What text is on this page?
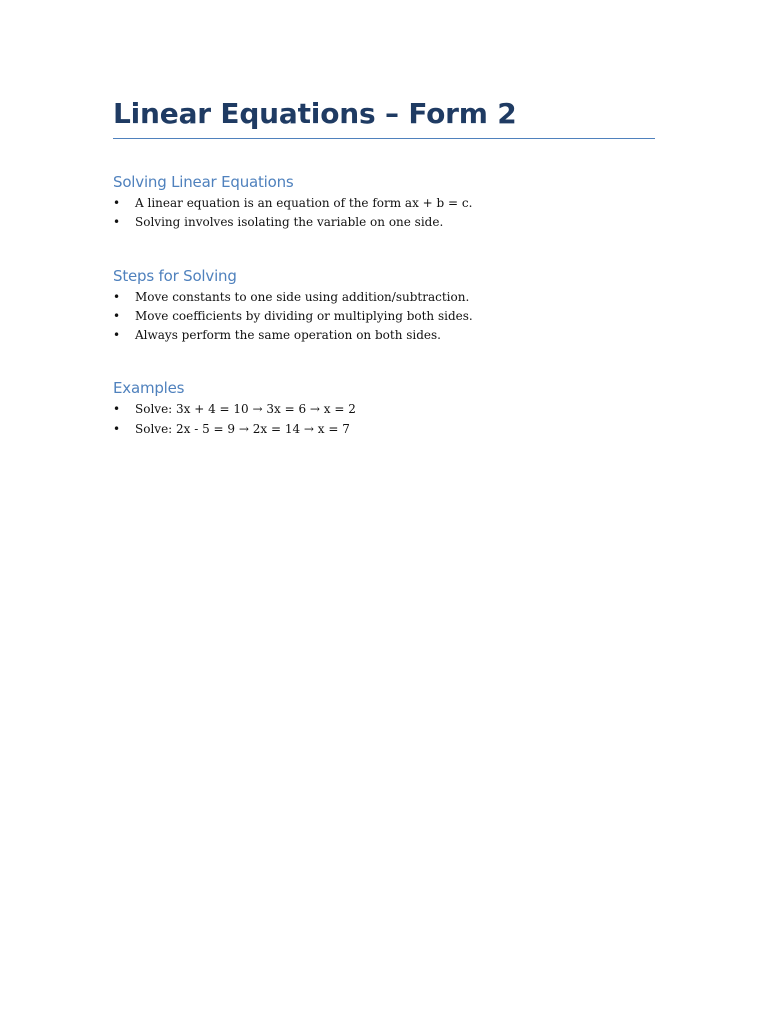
Linear Equations – Form 2
Solving Linear Equations
• A linear equation is an equation of the form ax + b = c.
• Solving involves isolating the variable on one side.
Steps for Solving
• Move constants to one side using addition/subtraction.
• Move coefficients by dividing or multiplying both sides.
• Always perform the same operation on both sides.
Examples
• Solve: 3x + 4 = 10 → 3x = 6 → x = 2
• Solve: 2x - 5 = 9 → 2x = 14 → x = 7
